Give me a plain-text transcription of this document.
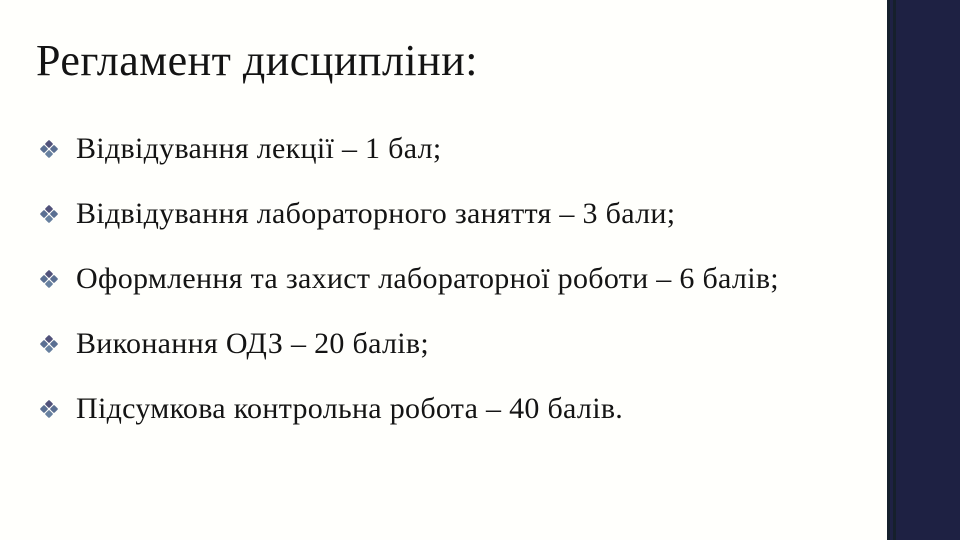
Регламент дисципліни:
Відвідування лекції – 1 бал;
Відвідування лабораторного заняття – 3 бали;
Оформлення та захист лабораторної роботи – 6 балів;
Виконання ОДЗ – 20 балів;
Підсумкова контрольна робота – 40 балів.
